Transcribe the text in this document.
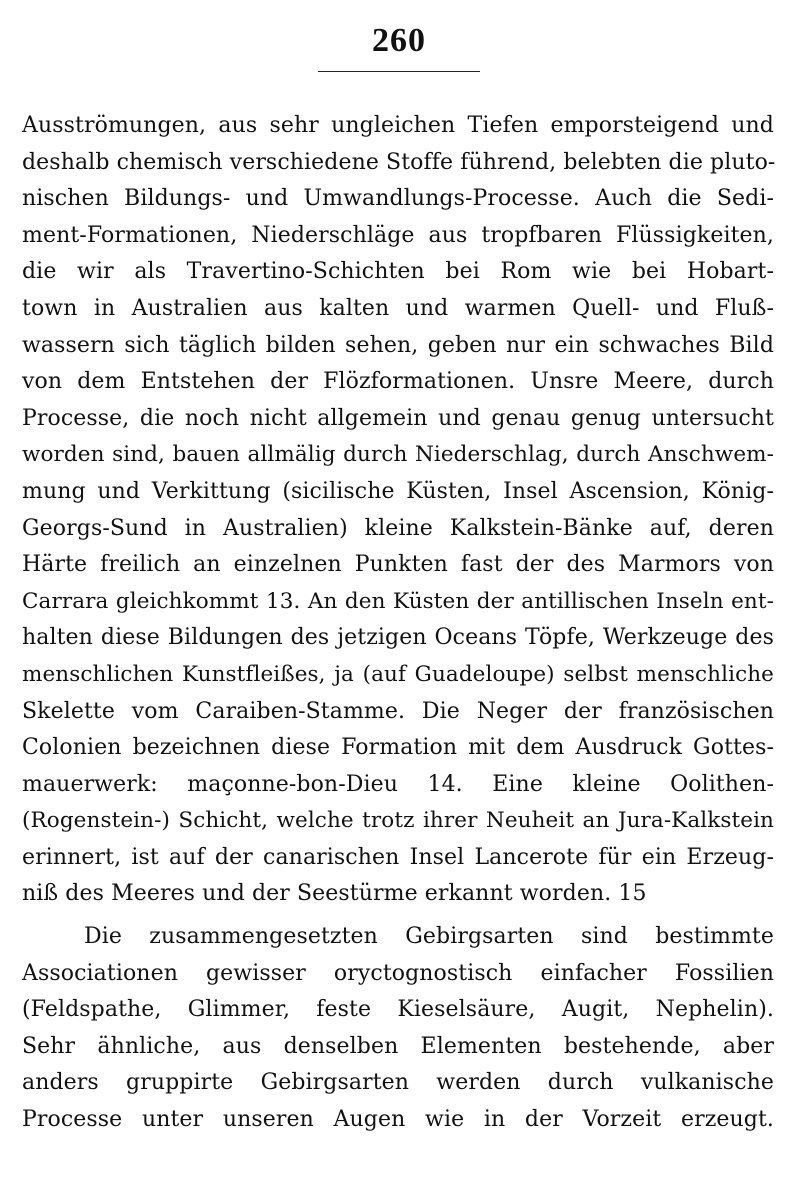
260
Ausströmungen, aus sehr ungleichen Tiefen emporsteigend und
deshalb chemisch verschiedene Stoffe führend, belebten die pluto-
nischen Bildungs- und Umwandlungs-Processe. Auch die Sedi-
ment-Formationen, Niederschläge aus tropfbaren Flüssigkeiten,
die wir als Travertino-Schichten bei Rom wie bei Hobart-
town in Australien aus kalten und warmen Quell- und Fluß-
wassern sich täglich bilden sehen, geben nur ein schwaches Bild
von dem Entstehen der Flözformationen. Unsre Meere, durch
Processe, die noch nicht allgemein und genau genug untersucht
worden sind, bauen allmälig durch Niederschlag, durch Anschwem-
mung und Verkittung (sicilische Küsten, Insel Ascension, König-
Georgs-Sund in Australien) kleine Kalkstein-Bänke auf, deren
Härte freilich an einzelnen Punkten fast der des Marmors von
Carrara gleichkommt 13. An den Küsten der antillischen Inseln ent-
halten diese Bildungen des jetzigen Oceans Töpfe, Werkzeuge des
menschlichen Kunstfleißes, ja (auf Guadeloupe) selbst menschliche
Skelette vom Caraiben-Stamme. Die Neger der französischen
Colonien bezeichnen diese Formation mit dem Ausdruck Gottes-
mauerwerk: maçonne-bon-Dieu 14. Eine kleine Oolithen-
(Rogenstein-) Schicht, welche trotz ihrer Neuheit an Jura-Kalkstein
erinnert, ist auf der canarischen Insel Lancerote für ein Erzeug-
niß des Meeres und der Seestürme erkannt worden. 15
Die zusammengesetzten Gebirgsarten sind bestimmte
Associationen gewisser oryctognostisch einfacher Fossilien
(Feldspathe, Glimmer, feste Kieselsäure, Augit, Nephelin).
Sehr ähnliche, aus denselben Elementen bestehende, aber
anders gruppirte Gebirgsarten werden durch vulkanische
Processe unter unseren Augen wie in der Vorzeit erzeugt.
